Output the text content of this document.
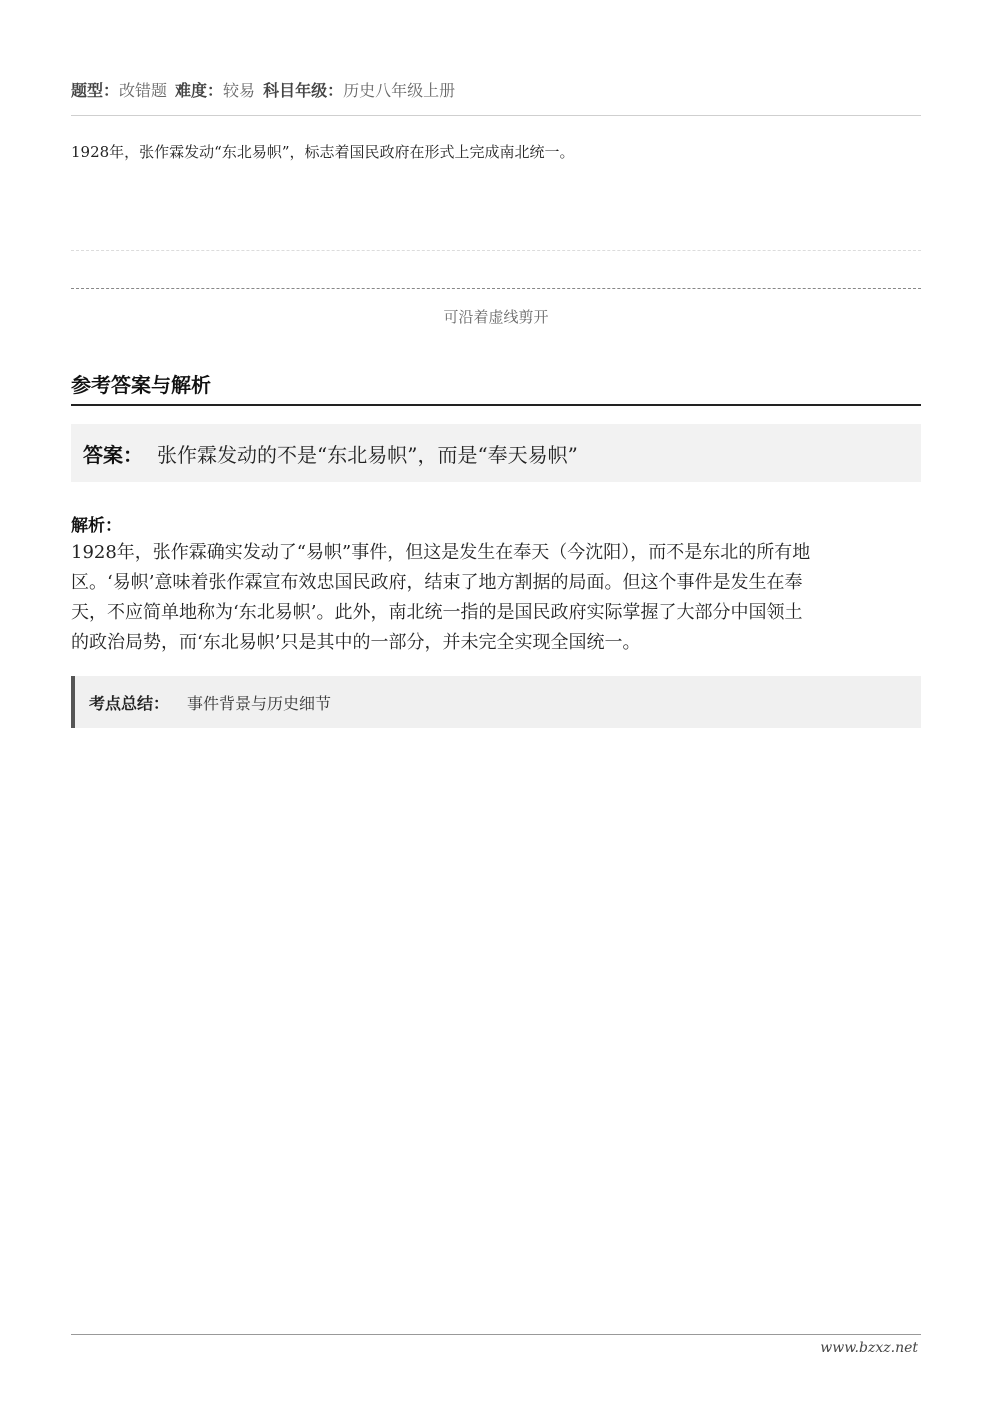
题型：改错题 难度：较易 科目年级：历史八年级上册
1928年，张作霖发动“东北易帜”，标志着国民政府在形式上完成南北统一。
可沿着虚线剪开
参考答案与解析
答案： 张作霖发动的不是“东北易帜”，而是“奉天易帜”
解析：
1928年，张作霖确实发动了“易帜”事件，但这是发生在奉天（今沈阳），而不是东北的所有地
区。‘易帜’意味着张作霖宣布效忠国民政府，结束了地方割据的局面。但这个事件是发生在奉
天，不应简单地称为‘东北易帜’。此外，南北统一指的是国民政府实际掌握了大部分中国领土
的政治局势，而‘东北易帜’只是其中的一部分，并未完全实现全国统一。
考点总结： 事件背景与历史细节
www.bzxz.net
